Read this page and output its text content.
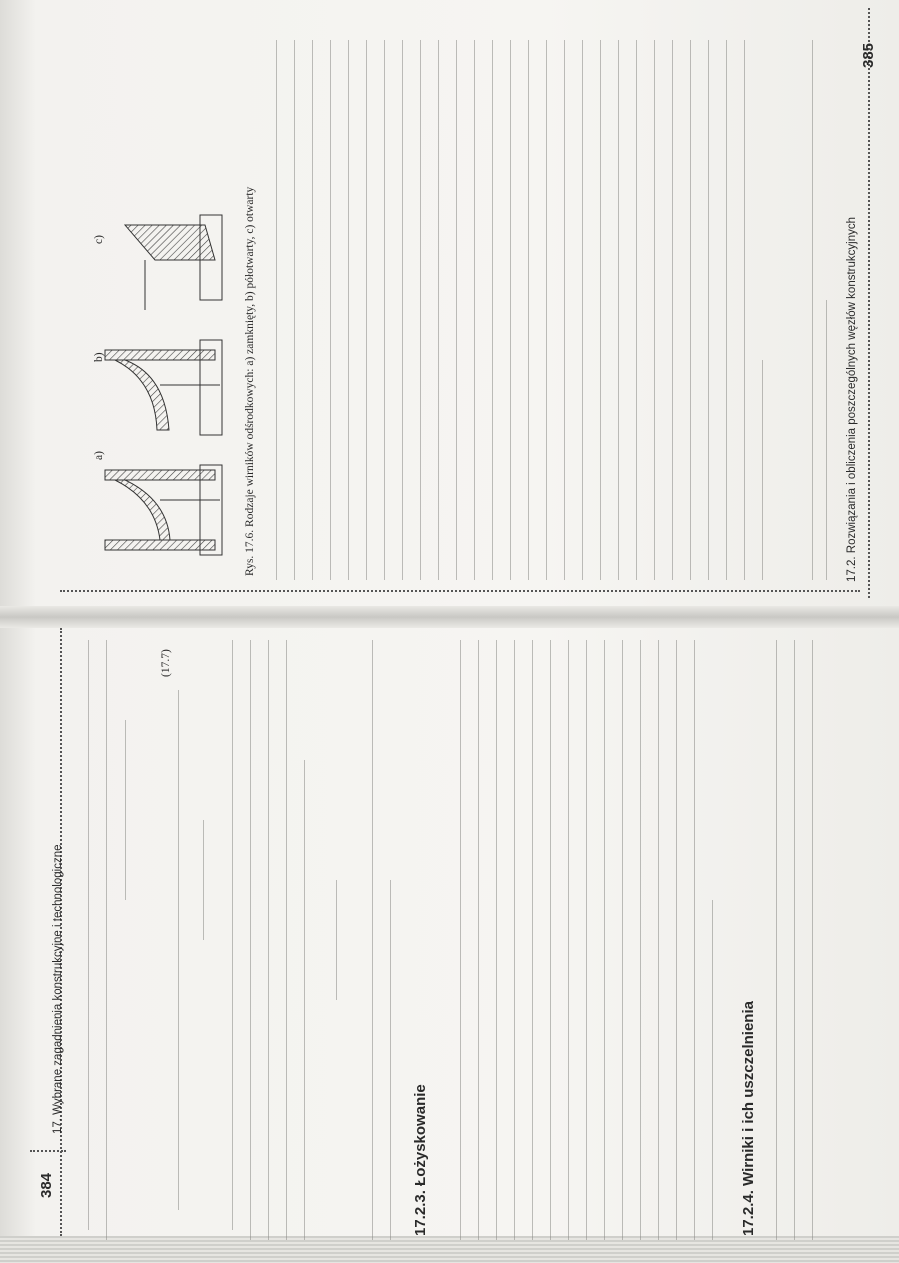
384
17. Wybrane zagadnienia konstrukcyjne i technologiczne
(17.7)
17.2.3. Łożyskowanie	17.2.4. Wirniki i ich uszczelnienia
385
17.2. Rozwiązania i obliczenia poszczególnych węzłów konstrukcyjnych
a)
b)
c)	Rys. 17.6. Rodzaje wirników odśrodkowych: a) zamknięty, b) półotwarty, c) otwarty
